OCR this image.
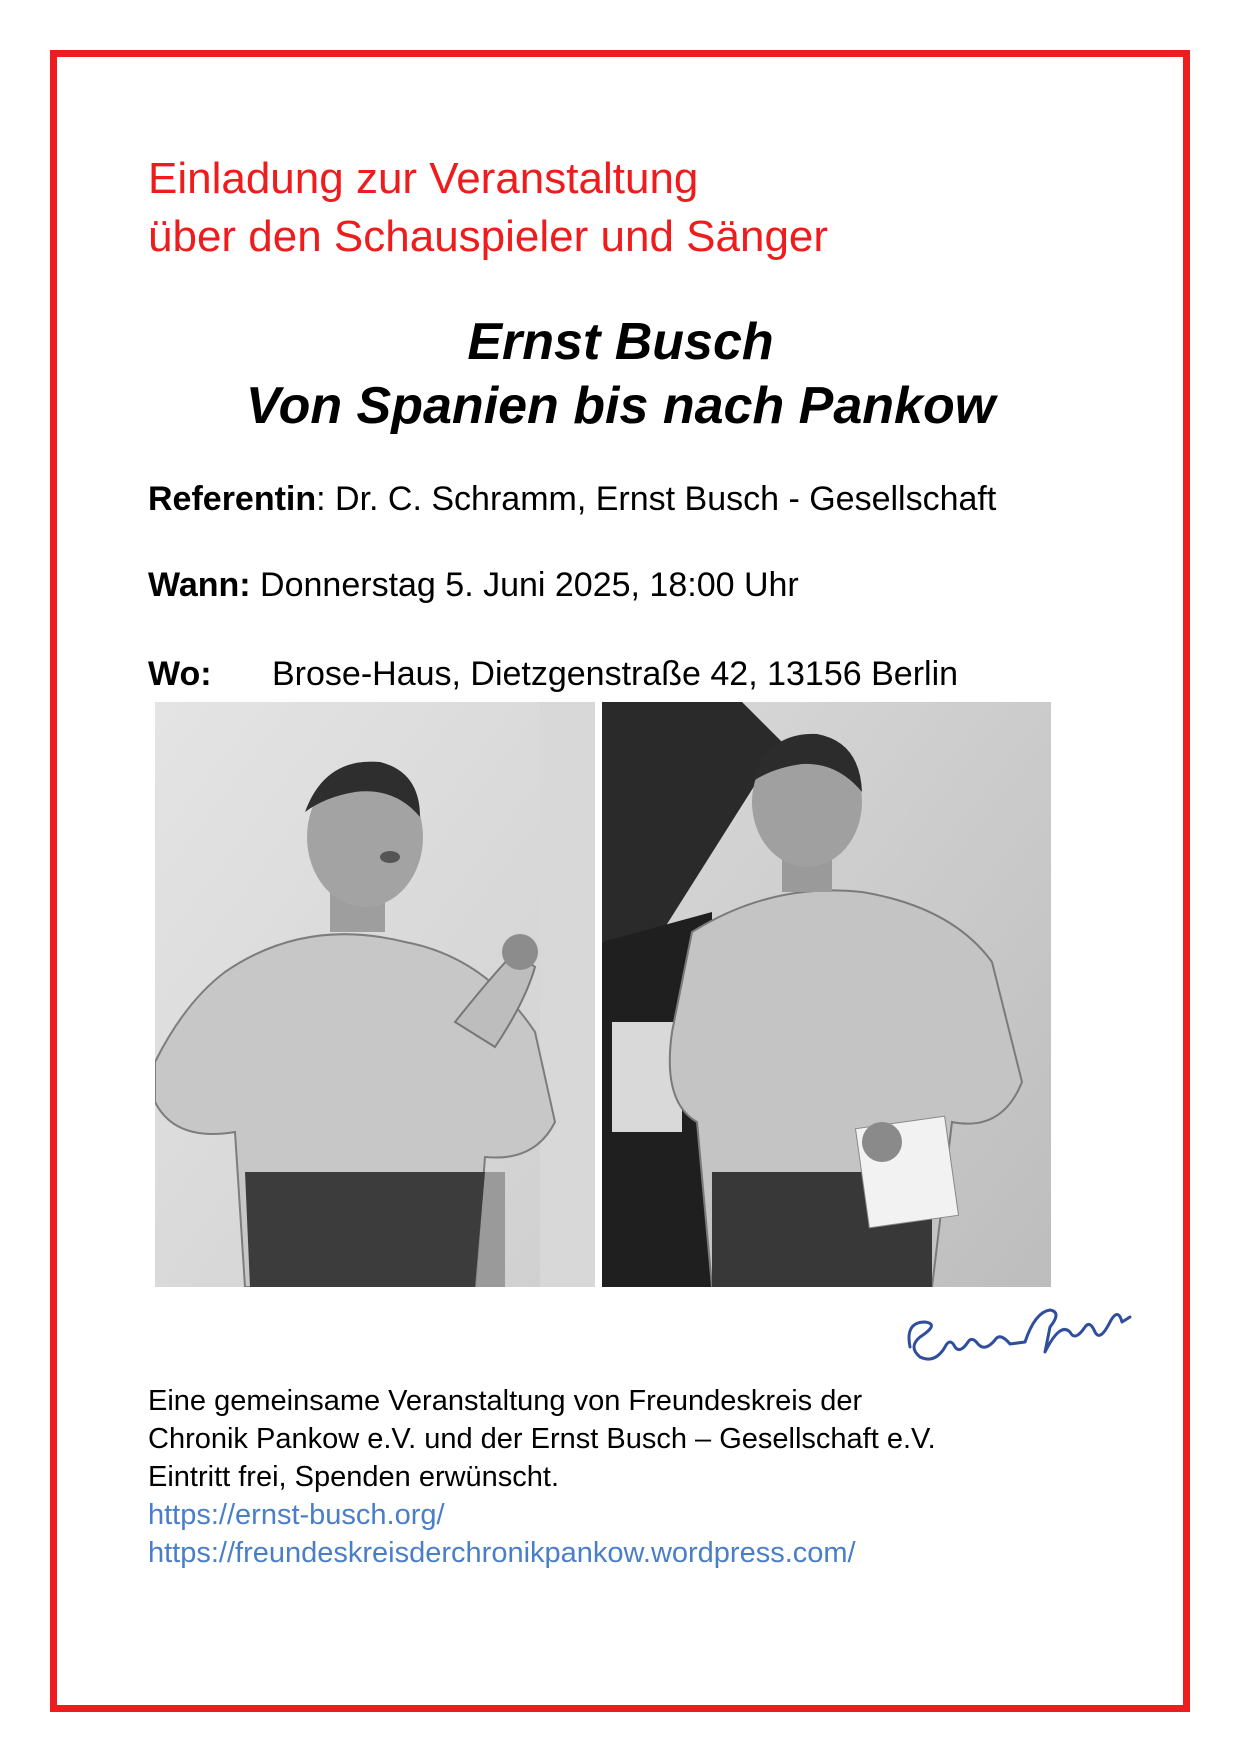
Einladung zur Veranstaltung
über den Schauspieler und Sänger
Ernst Busch
Von Spanien bis nach Pankow
Referentin: Dr. C. Schramm, Ernst Busch - Gesellschaft
Wann: Donnerstag 5. Juni 2025, 18:00 Uhr
Wo: Brose-Haus, Dietzgenstraße 42, 13156 Berlin
Eine gemeinsame Veranstaltung von Freundeskreis der
Chronik Pankow e.V. und der Ernst Busch – Gesellschaft e.V.
Eintritt frei, Spenden erwünscht.
https://ernst-busch.org/
https://freundeskreisderchronikpankow.wordpress.com/
